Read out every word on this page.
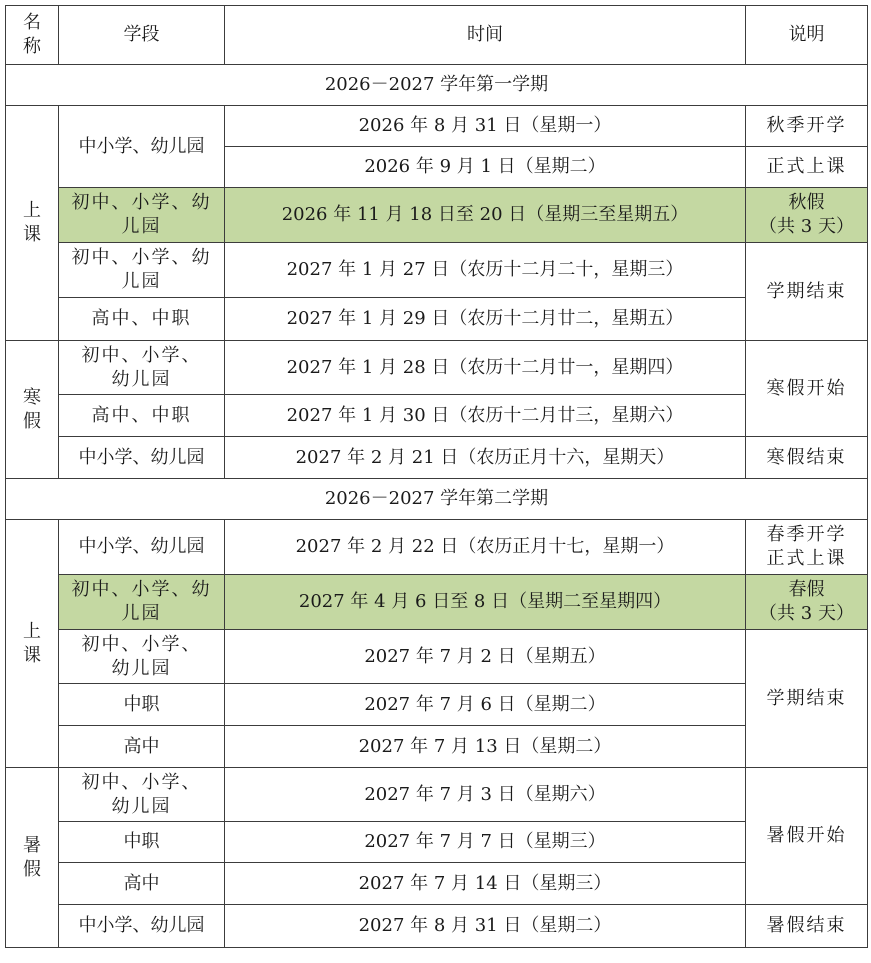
名称	学段	时间	说明
2026－2027 学年第一学期			
上课	中小学、幼儿园	2026 年 8 月 31 日（星期一）	秋季开学
		2026 年 9 月 1 日（星期二）	正式上课
	初中、小学、幼儿园	2026 年 11 月 18 日至 20 日（星期三至星期五）	秋假
（共 3 天）
	初中、小学、幼儿园	2027 年 1 月 27 日（农历十二月二十，星期三）	学期结束
	高中、中职	2027 年 1 月 29 日（农历十二月廿二，星期五）	
寒假	初中、小学、
幼儿园	2027 年 1 月 28 日（农历十二月廿一，星期四）	寒假开始
	高中、中职	2027 年 1 月 30 日（农历十二月廿三，星期六）	
	中小学、幼儿园	2027 年 2 月 21 日（农历正月十六，星期天）	寒假结束
2026－2027 学年第二学期			
上课	中小学、幼儿园	2027 年 2 月 22 日（农历正月十七，星期一）	春季开学
正式上课
	初中、小学、幼儿园	2027 年 4 月 6 日至 8 日（星期二至星期四）	春假
（共 3 天）
	初中、小学、
幼儿园	2027 年 7 月 2 日（星期五）	学期结束
	中职	2027 年 7 月 6 日（星期二）	
	高中	2027 年 7 月 13 日（星期二）	
暑假	初中、小学、
幼儿园	2027 年 7 月 3 日（星期六）	暑假开始
	中职	2027 年 7 月 7 日（星期三）	
	高中	2027 年 7 月 14 日（星期三）	
	中小学、幼儿园	2027 年 8 月 31 日（星期二）	暑假结束
